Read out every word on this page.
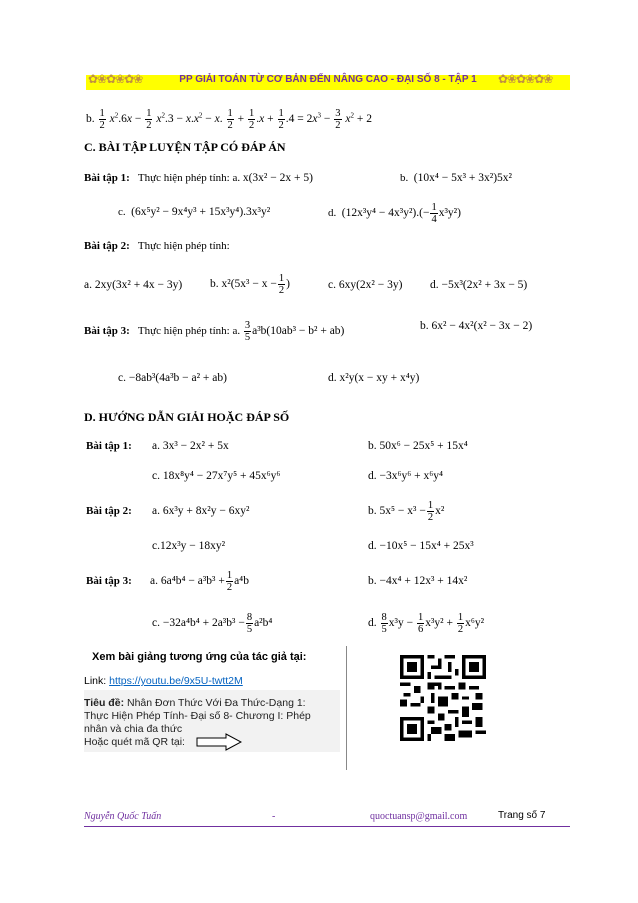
✿❀✿❀✿❀	✿❀✿❀✿❀
PP GIẢI TOÁN TỪ CƠ BẢN ĐẾN NÂNG CAO - ĐẠI SỐ 8 - TẬP 1
b. $\frac{1}{2} x^2.6x - \frac{1}{2} x^2.3 - x.x^2 - x$. $\frac{1}{2} + \frac{1}{2} .x + \frac{1}{2} .4 = 2x^3 - \frac{3}{2} x^2 + 2$
C. BÀI TẬP LUYỆN TẬP CÓ ĐÁP ÁN
Bài tập 1: Thực hiện phép tính: a. x(3x² − 2x + 5)	b. (10x⁴ − 5x³ + 3x²)5x²
c. (6x⁵y² − 9x⁴y³ + 15x³y⁴).3x³y²	d. $(12x^3y^4 - 4x^3y^2).(- \frac{1}{4} x^3y^2)$
Bài tập 2: Thực hiện phép tính:
a. 2xy(3x² + 4x − 3y) b. $x^2(5x^3 - x - \frac{1}{2}$ )	c. 6xy(2x² − 3y) d. −5x³(2x² + 3x − 5)
Bài tập 3: Thực hiện phép tính: a. $\frac{3}{5} a^3b(10ab^3 - b^2 + ab)$	b. 6x² − 4x²(x² − 3x − 2)
c. −8ab³(4a³b − a² + ab)	d. x²y(x − xy + x⁴y)
D. HƯỚNG DẪN GIẢI HOẶC ĐÁP SỐ
Bài tập 1: a. 3x³ − 2x² + 5x	b. 50x⁶ − 25x⁵ + 15x⁴
c. 18x⁸y⁴ − 27x⁷y⁵ + 45x⁶y⁶	d. −3x⁶y⁶ + x⁶y⁴
Bài tập 2: a. 6x³y + 8x²y − 6xy²	b. $5x^5 - x^3 - \frac{1}{2} x^2$
c.12x³y − 18xy²	d. −10x⁵ − 15x⁴ + 25x³
Bài tập 3: a. $6a^4b^4 - a^3b^3 + \frac{1}{2} a^4b$	b. −4x⁴ + 12x³ + 14x²
c. $-32a^4b^4 + 2a^3b^3 - \frac{8}{5} a^2b^4$	d. $\frac{8}{5} x^3y - \frac{1}{6} x^3y^2 + \frac{1}{2} x^6y^2$
Xem bài giảng tương ứng của tác giả tại:
Link: https://youtu.be/9x5U-twtt2M
Tiêu đề: Nhân Đơn Thức Với Đa Thức-Dạng 1:
Thực Hiện Phép Tính- Đại số 8- Chương I: Phép
nhân và chia đa thức
Hoặc quét mã QR tại:
Nguyễn Quốc Tuấn	-	quoctuansp@gmail.com	Trang số 7
